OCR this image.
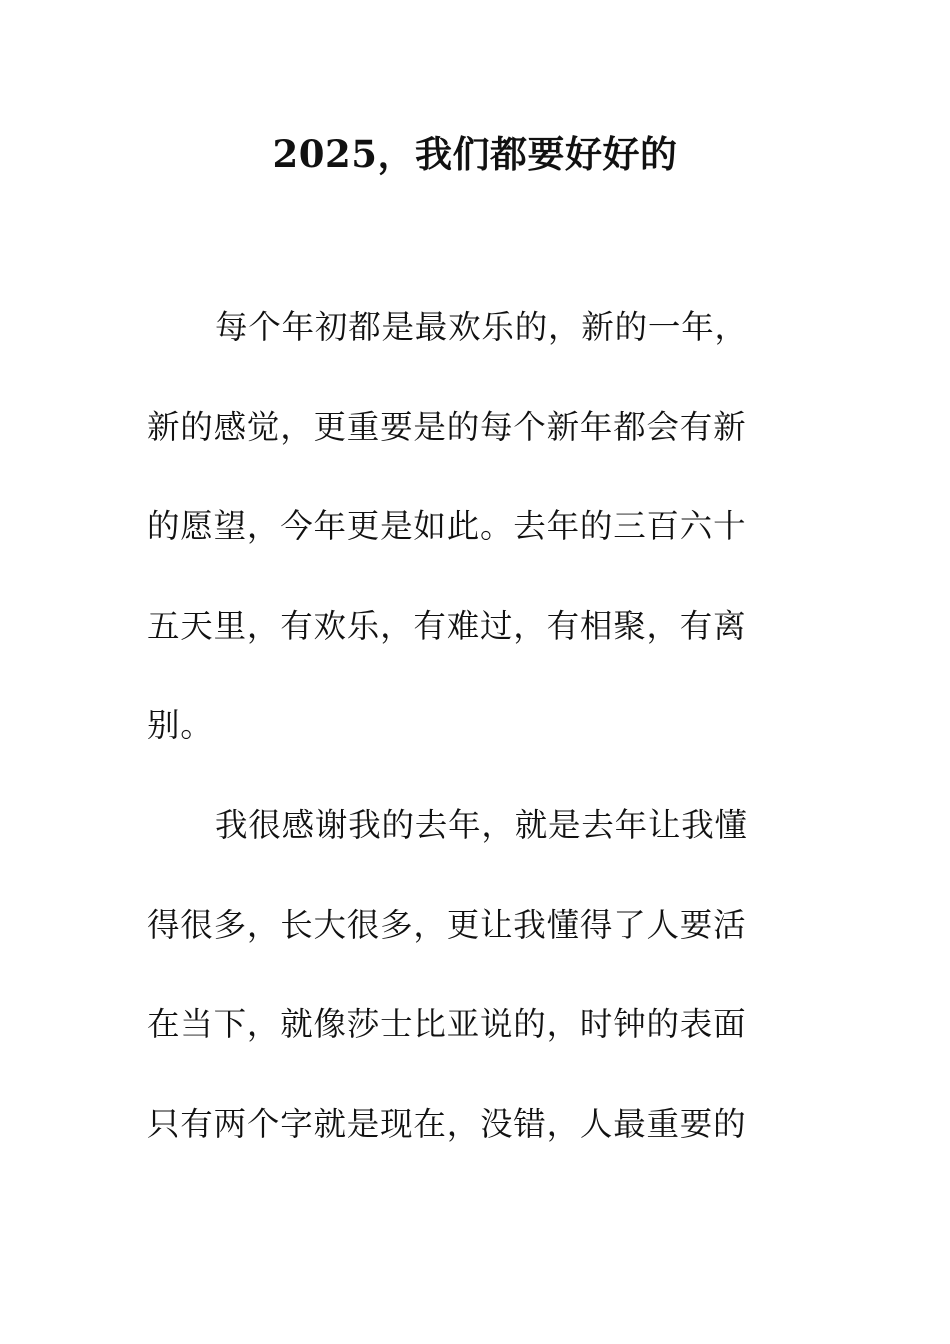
2025，我们都要好好的
每个年初都是最欢乐的，新的一年，
新的感觉，更重要是的每个新年都会有新
的愿望，今年更是如此。去年的三百六十
五天里，有欢乐，有难过，有相聚，有离
别。
我很感谢我的去年，就是去年让我懂
得很多，长大很多，更让我懂得了人要活
在当下，就像莎士比亚说的，时钟的表面
只有两个字就是现在，没错，人最重要的
